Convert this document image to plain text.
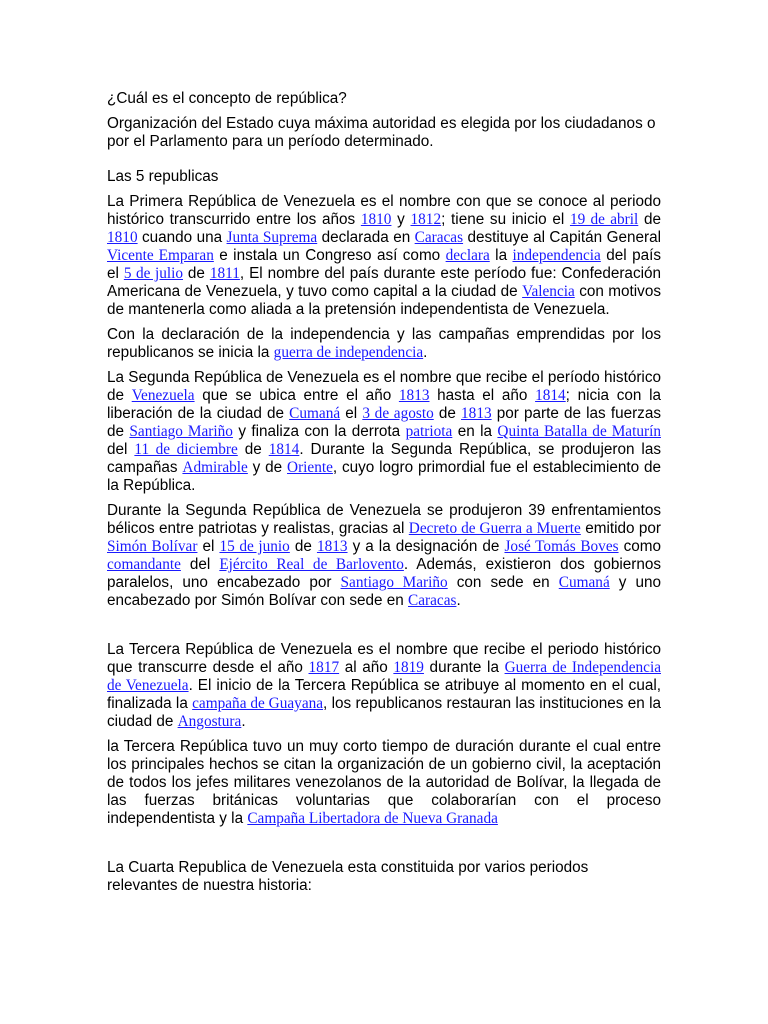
¿Cuál es el concepto de república?

Organización del Estado cuya máxima autoridad es elegida por los ciudadanos o por el Parlamento para un período determinado.

Las 5 republicas

La Primera República de Venezuela es el nombre con que se conoce al periodo histórico transcurrido entre los años 1810 y 1812; tiene su inicio el 19 de abril de 1810 cuando una Junta Suprema declarada en Caracas destituye al Capitán General Vicente Emparan e instala un Congreso así como declara la independencia del país el 5 de julio de 1811, El nombre del país durante este período fue: Confederación Americana de Venezuela, y tuvo como capital a la ciudad de Valencia con motivos de mantenerla como aliada a la pretensión independentista de Venezuela.

Con la declaración de la independencia y las campañas emprendidas por los republicanos se inicia la guerra de independencia.

La Segunda República de Venezuela es el nombre que recibe el período histórico de Venezuela que se ubica entre el año 1813 hasta el año 1814; nicia con la liberación de la ciudad de Cumaná el 3 de agosto de 1813 por parte de las fuerzas de Santiago Mariño y finaliza con la derrota patriota en la Quinta Batalla de Maturín del 11 de diciembre de 1814. Durante la Segunda República, se produjeron las campañas Admirable y de Oriente, cuyo logro primordial fue el establecimiento de la República.

Durante la Segunda República de Venezuela se produjeron 39 enfrentamientos bélicos entre patriotas y realistas, gracias al Decreto de Guerra a Muerte emitido por Simón Bolívar el 15 de junio de 1813 y a la designación de José Tomás Boves como comandante del Ejército Real de Barlovento. Además, existieron dos gobiernos paralelos, uno encabezado por Santiago Mariño con sede en Cumaná y uno encabezado por Simón Bolívar con sede en Caracas.

La Tercera República de Venezuela es el nombre que recibe el periodo histórico que transcurre desde el año 1817 al año 1819 durante la Guerra de Independencia de Venezuela. El inicio de la Tercera República se atribuye al momento en el cual, finalizada la campaña de Guayana, los republicanos restauran las instituciones en la ciudad de Angostura.

la Tercera República tuvo un muy corto tiempo de duración durante el cual entre los principales hechos se citan la organización de un gobierno civil, la aceptación de todos los jefes militares venezolanos de la autoridad de Bolívar, la llegada de las fuerzas británicas voluntarias que colaborarían con el proceso independentista y la Campaña Libertadora de Nueva Granada

La Cuarta Republica de Venezuela esta constituida por varios periodos relevantes de nuestra historia:
